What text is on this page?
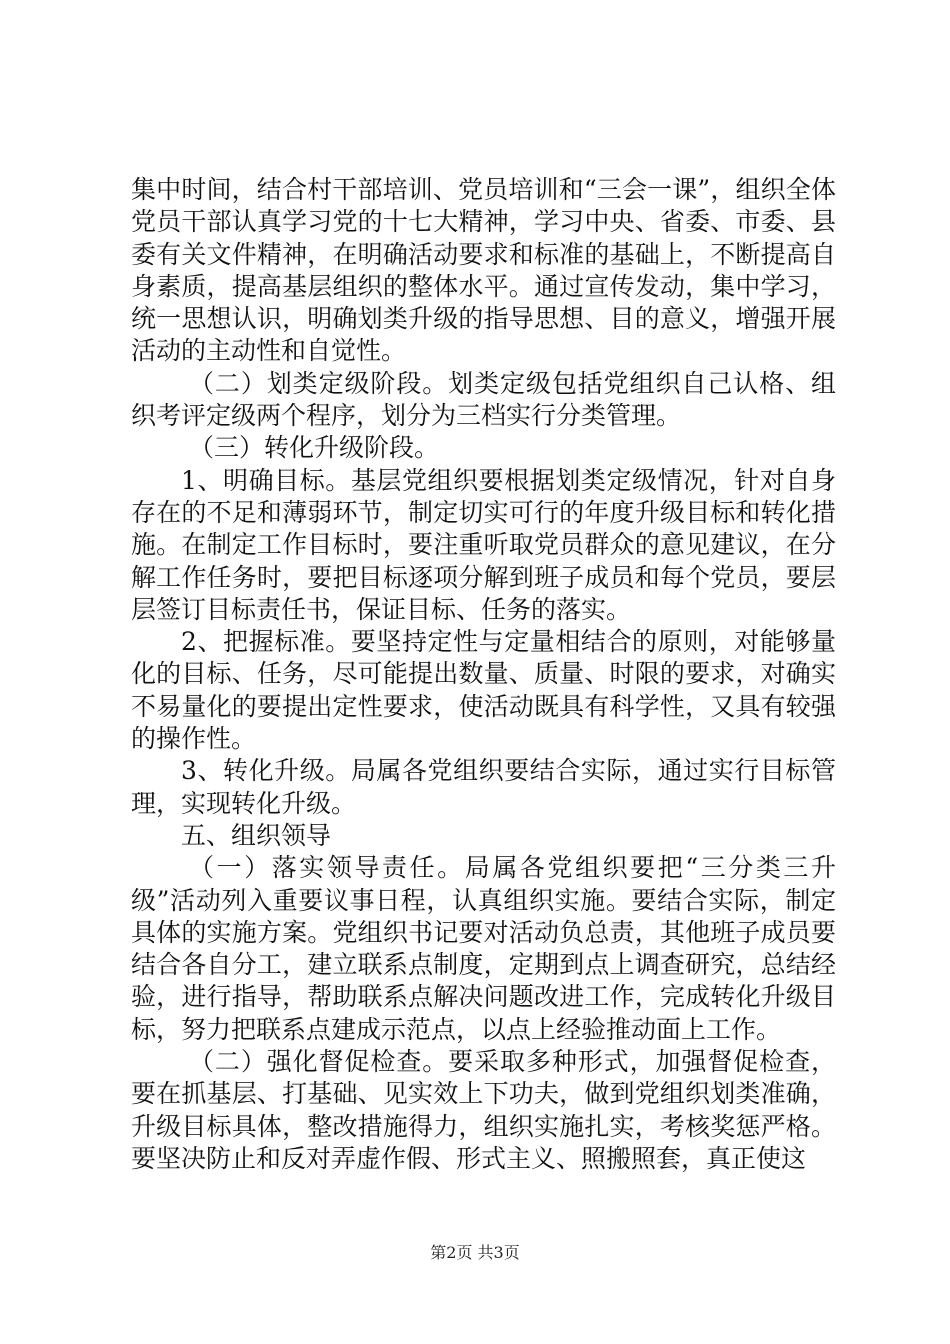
集中时间，结合村干部培训、党员培训和“三会一课”，组织全体党员干部认真学习党的十七大精神，学习中央、省委、市委、县委有关文件精神，在明确活动要求和标准的基础上，不断提高自身素质，提高基层组织的整体水平。通过宣传发动，集中学习，统一思想认识，明确划类升级的指导思想、目的意义，增强开展活动的主动性和自觉性。

（二）划类定级阶段。划类定级包括党组织自己认格、组织考评定级两个程序，划分为三档实行分类管理。

（三）转化升级阶段。

1、明确目标。基层党组织要根据划类定级情况，针对自身存在的不足和薄弱环节，制定切实可行的年度升级目标和转化措施。在制定工作目标时，要注重听取党员群众的意见建议，在分解工作任务时，要把目标逐项分解到班子成员和每个党员，要层层签订目标责任书，保证目标、任务的落实。

2、把握标准。要坚持定性与定量相结合的原则，对能够量化的目标、任务，尽可能提出数量、质量、时限的要求，对确实不易量化的要提出定性要求，使活动既具有科学性，又具有较强的操作性。

3、转化升级。局属各党组织要结合实际，通过实行目标管理，实现转化升级。

五、组织领导

（一）落实领导责任。局属各党组织要把“三分类三升级”活动列入重要议事日程，认真组织实施。要结合实际，制定具体的实施方案。党组织书记要对活动负总责，其他班子成员要结合各自分工，建立联系点制度，定期到点上调查研究，总结经验，进行指导，帮助联系点解决问题改进工作，完成转化升级目标，努力把联系点建成示范点，以点上经验推动面上工作。

（二）强化督促检查。要采取多种形式，加强督促检查，要在抓基层、打基础、见实效上下功夫，做到党组织划类准确，升级目标具体，整改措施得力，组织实施扎实，考核奖惩严格。要坚决防止和反对弄虚作假、形式主义、照搬照套，真正使这

第2页 共3页
